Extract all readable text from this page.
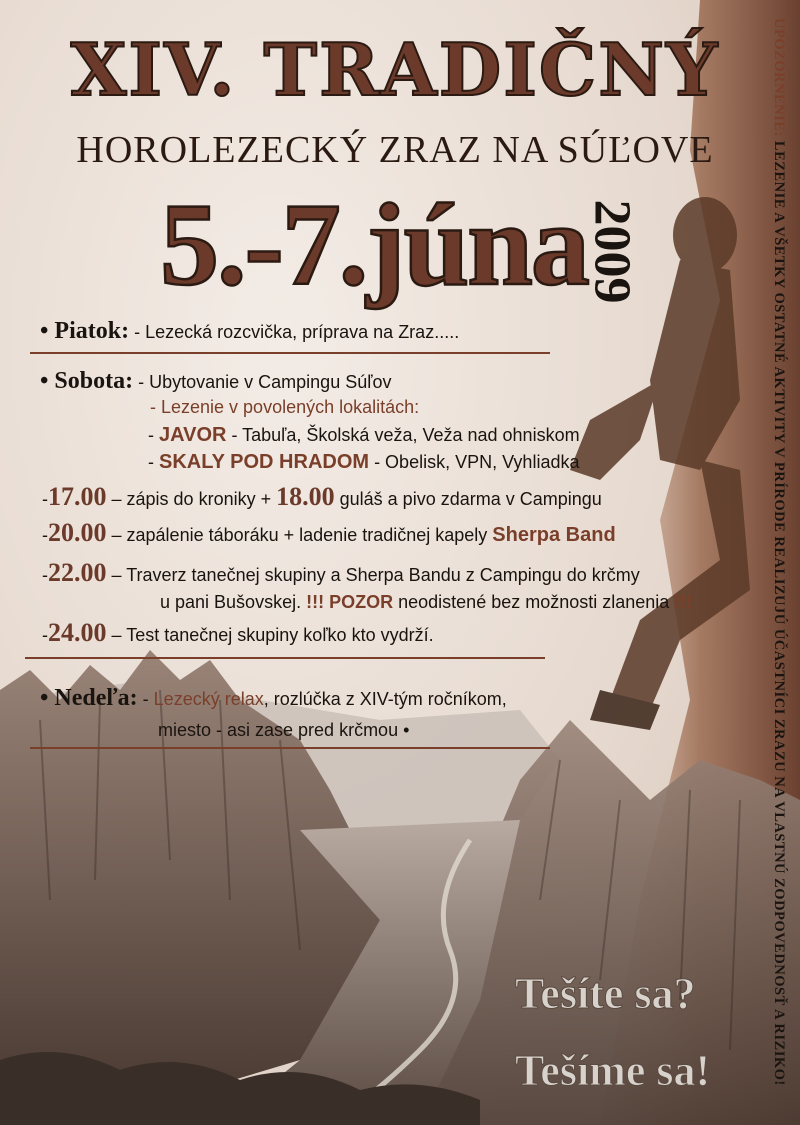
XIV. TRADIČNÝ
HOROLEZECKÝ ZRAZ NA SÚĽOVE
5.-7.júna
2009
• Piatok: - Lezecká rozcvička, príprava na Zraz.....
• Sobota: - Ubytovanie v Campingu Súľov
- Lezenie v povolených lokalitách:
- JAVOR - Tabuľa, Školská veža, Veža nad ohniskom
- SKALY POD HRADOM - Obelisk, VPN, Vyhliadka
-17.00 – zápis do kroniky + 18.00 guláš a pivo zdarma v Campingu
-20.00 – zapálenie táboráku + ladenie tradičnej kapely Sherpa Band
-22.00 – Traverz tanečnej skupiny a Sherpa Bandu z Campingu do krčmy
u pani Bušovskej. !!! POZOR neodistené bez možnosti zlanenia !!!
-24.00 – Test tanečnej skupiny koľko kto vydrží.
• Nedeľa: - Lezecký relax, rozlúčka z XIV-tým ročníkom,
miesto - asi zase pred krčmou •
UPOZORNENIE: LEZENIE A VŠETKY OSTATNÉ AKTIVITY V PRÍRODE REALIZUJÚ ÚČASTNÍCI ZRAZU NA VLASTNÚ ZODPOVEDNOSŤ A RIZIKO!
Tešíte sa?
Tešíme sa!
